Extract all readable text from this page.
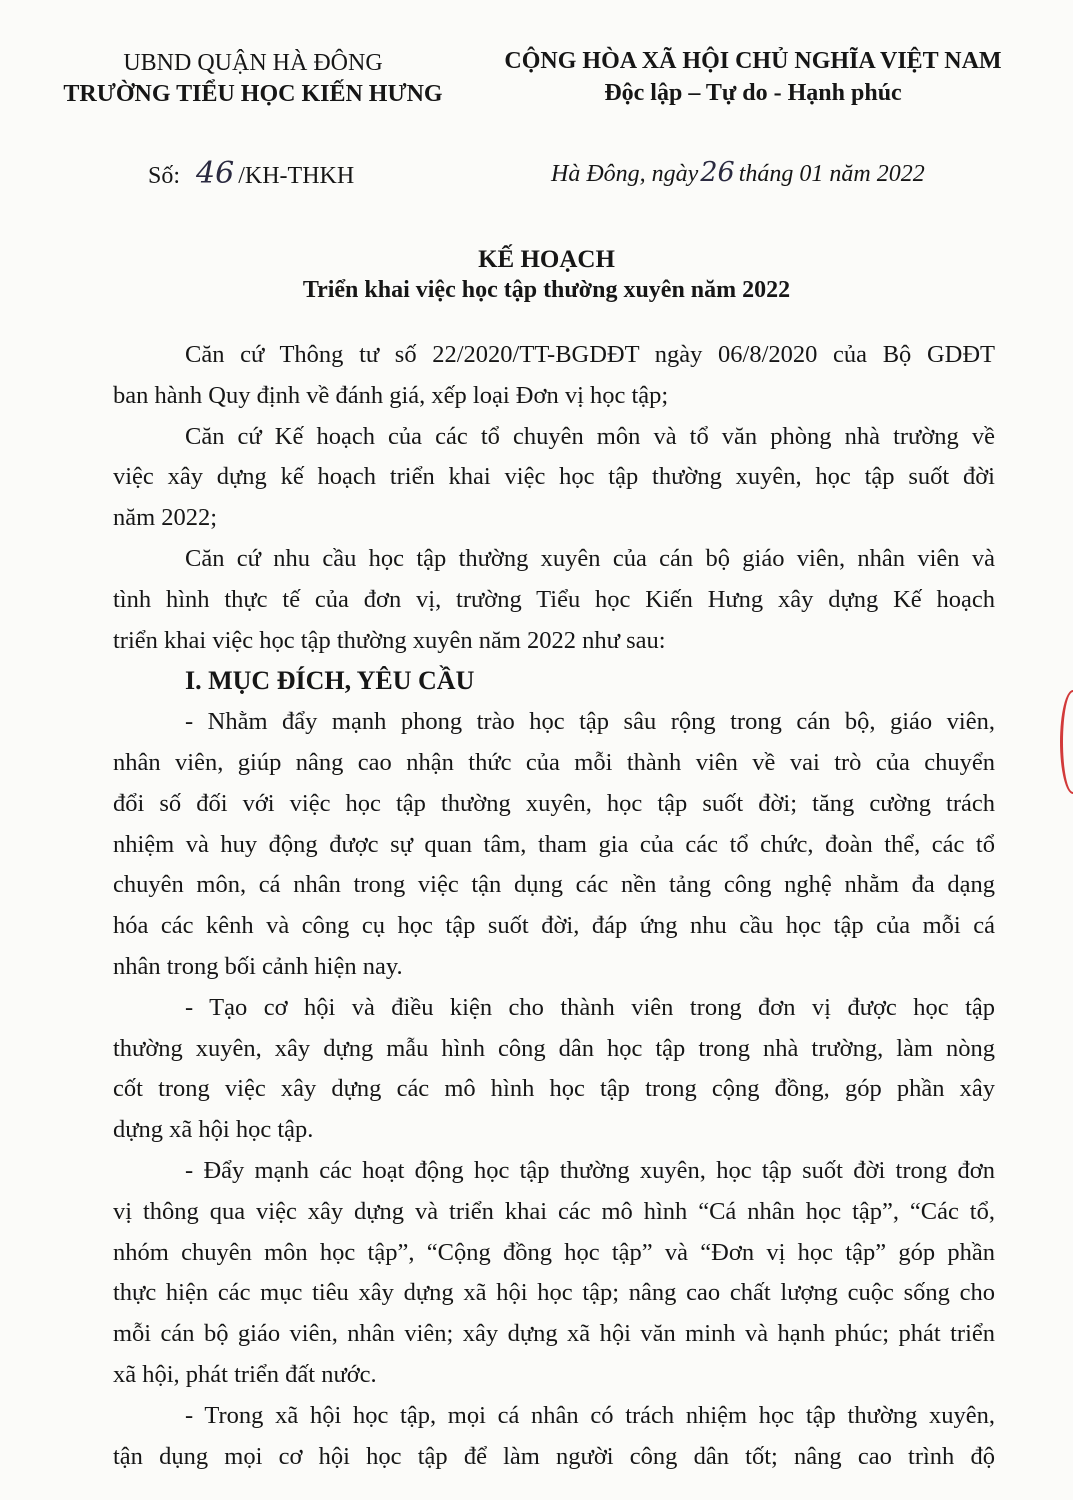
UBND QUẬN HÀ ĐÔNG
TRƯỜNG TIỂU HỌC KIẾN HƯNG
CỘNG HÒA XÃ HỘI CHỦ NGHĨA VIỆT NAM
Độc lập – Tự do - Hạnh phúc
Số: 46 /KH-THKH	Hà Đông, ngày26 tháng 01 năm 2022
KẾ HOẠCH
Triển khai việc học tập thường xuyên năm 2022
Căn cứ Thông tư số 22/2020/TT-BGDĐT ngày 06/8/2020 của Bộ GDĐT
ban hành Quy định về đánh giá, xếp loại Đơn vị học tập;
Căn cứ Kế hoạch của các tổ chuyên môn và tổ văn phòng nhà trường về
việc xây dựng kế hoạch triển khai việc học tập thường xuyên, học tập suốt đời
năm 2022;
Căn cứ nhu cầu học tập thường xuyên của cán bộ giáo viên, nhân viên và
tình hình thực tế của đơn vị, trường Tiểu học Kiến Hưng xây dựng Kế hoạch
triển khai việc học tập thường xuyên năm 2022 như sau:
I. MỤC ĐÍCH, YÊU CẦU
- Nhằm đẩy mạnh phong trào học tập sâu rộng trong cán bộ, giáo viên,
nhân viên, giúp nâng cao nhận thức của mỗi thành viên về vai trò của chuyển
đổi số đối với việc học tập thường xuyên, học tập suốt đời; tăng cường trách
nhiệm và huy động được sự quan tâm, tham gia của các tổ chức, đoàn thể, các tổ
chuyên môn, cá nhân trong việc tận dụng các nền tảng công nghệ nhằm đa dạng
hóa các kênh và công cụ học tập suốt đời, đáp ứng nhu cầu học tập của mỗi cá
nhân trong bối cảnh hiện nay.
- Tạo cơ hội và điều kiện cho thành viên trong đơn vị được học tập
thường xuyên, xây dựng mẫu hình công dân học tập trong nhà trường, làm nòng
cốt trong việc xây dựng các mô hình học tập trong cộng đồng, góp phần xây
dựng xã hội học tập.
- Đẩy mạnh các hoạt động học tập thường xuyên, học tập suốt đời trong đơn
vị thông qua việc xây dựng và triển khai các mô hình “Cá nhân học tập”, “Các tổ,
nhóm chuyên môn học tập”, “Cộng đồng học tập” và “Đơn vị học tập” góp phần
thực hiện các mục tiêu xây dựng xã hội học tập; nâng cao chất lượng cuộc sống cho
mỗi cán bộ giáo viên, nhân viên; xây dựng xã hội văn minh và hạnh phúc; phát triển
xã hội, phát triển đất nước.
- Trong xã hội học tập, mọi cá nhân có trách nhiệm học tập thường xuyên,
tận dụng mọi cơ hội học tập để làm người công dân tốt; nâng cao trình độ
